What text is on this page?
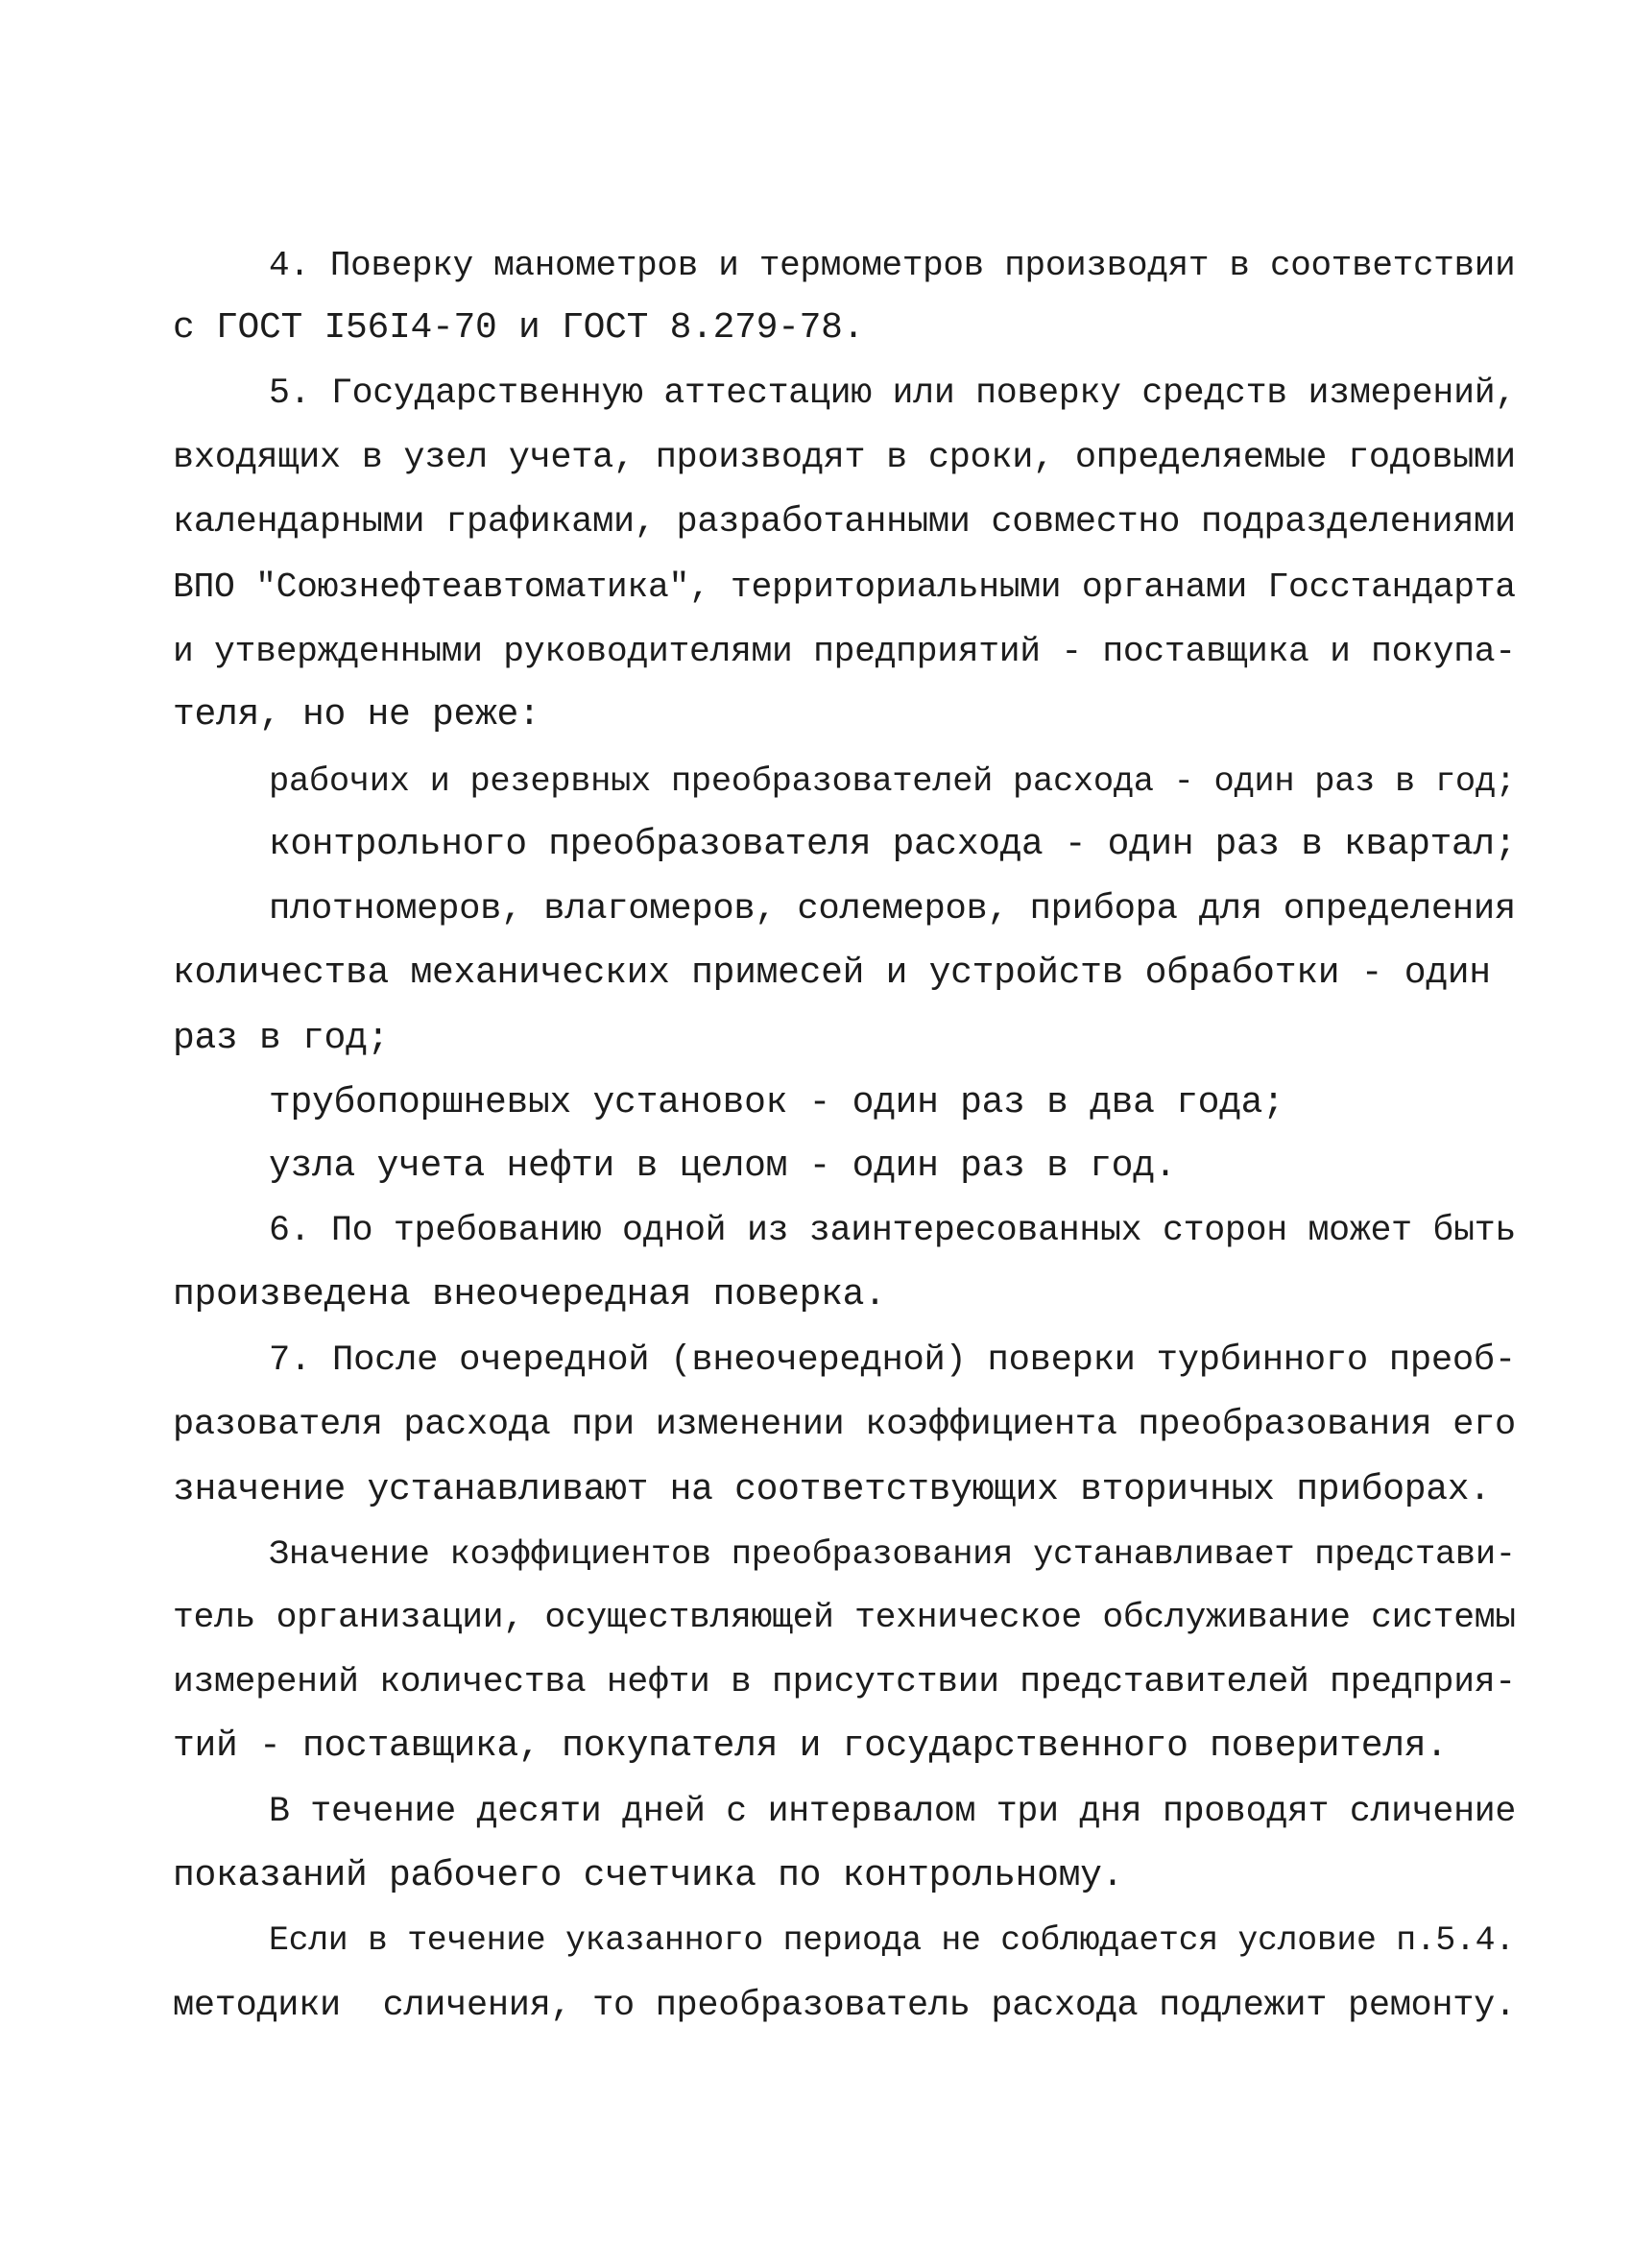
4. Поверку манометров и термометров производят в соответствии

с ГОСТ I56I4-70 и ГОСТ 8.279-78.

5. Государственную аттестацию или поверку средств измерений,

входящих в узел учета, производят в сроки, определяемые годовыми

календарными графиками, разработанными совместно подразделениями

ВПО "Союзнефтеавтоматика", территориальными органами Госстандарта

и утвержденными руководителями предприятий - поставщика и покупа-

теля, но не реже:

рабочих и резервных преобразователей расхода - один раз в год;

контрольного преобразователя расхода - один раз в квартал;

плотномеров, влагомеров, солемеров, прибора для определения

количества механических примесей и устройств обработки - один

раз в год;

трубопоршневых установок - один раз в два года;

узла учета нефти в целом - один раз в год.

6. По требованию одной из заинтересованных сторон может быть

произведена внеочередная поверка.

7. После очередной (внеочередной) поверки турбинного преоб-

разователя расхода при изменении коэффициента преобразования его

значение устанавливают на соответствующих вторичных приборах.

Значение коэффициентов преобразования устанавливает представи-

тель организации, осуществляющей техническое обслуживание системы

измерений количества нефти в присутствии представителей предприя-

тий - поставщика, покупателя и государственного поверителя.

В течение десяти дней с интервалом три дня проводят сличение

показаний рабочего счетчика по контрольному.

Если в течение указанного периода не соблюдается условие п.5.4.

методики  сличения, то преобразователь расхода подлежит ремонту.
